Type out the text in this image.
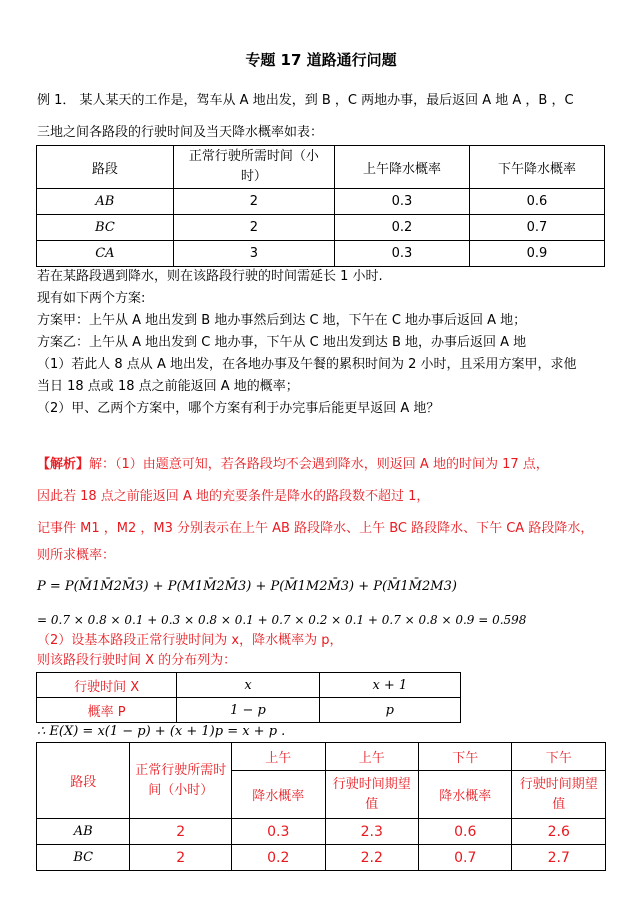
专题 17 道路通行问题
例 1． 某人某天的工作是，驾车从 A 地出发，到 B ，C 两地办事，最后返回 A 地 A ，B ，C
三地之间各路段的行驶时间及当天降水概率如表：
路段	正常行驶所需时间（小时）	上午降水概率	下午降水概率
AB	2	0.3	0.6
BC	2	0.2	0.7
CA	3	0.3	0.9
若在某路段遇到降水，则在该路段行驶的时间需延长 1 小时.
现有如下两个方案:
方案甲：上午从 A 地出发到 B 地办事然后到达 C 地，下午在 C 地办事后返回 A 地；
方案乙：上午从 A 地出发到 C 地办事，下午从 C 地出发到达 B 地，办事后返回 A 地
（1）若此人 8 点从 A 地出发，在各地办事及午餐的累积时间为 2 小时，且采用方案甲，求他
当日 18 点或 18 点之前能返回 A 地的概率；
（2）甲、乙两个方案中，哪个方案有利于办完事后能更早返回 A 地？
【解析】解：（1）由题意可知，若各路段均不会遇到降水，则返回 A 地的时间为 17 点，
因此若 18 点之前能返回 A 地的充要条件是降水的路段数不超过 1，
记事件 M1 ，M2 ，M3 分别表示在上午 AB 路段降水、上午 BC 路段降水、下午 CA 路段降水，
则所求概率：
P = P(M̄1M̄2M̄3) + P(M1M̄2M̄3) + P(M̄1M2M̄3) + P(M̄1M̄2M3)
= 0.7 × 0.8 × 0.1 + 0.3 × 0.8 × 0.1 + 0.7 × 0.2 × 0.1 + 0.7 × 0.8 × 0.9 = 0.598
（2）设基本路段正常行驶时间为 x，降水概率为 p，
则该路段行驶时间 X 的分布列为：
行驶时间 X	x	x + 1
概率 P	1 − p	p
∴ E(X) = x(1 − p) + (x + 1)p = x + p .
路段	正常行驶所需时间（小时）	上午	上午	下午	下午
		降水概率	行驶时间期望值	降水概率	行驶时间期望值
AB	2	0.3	2.3	0.6	2.6
BC	2	0.2	2.2	0.7	2.7
